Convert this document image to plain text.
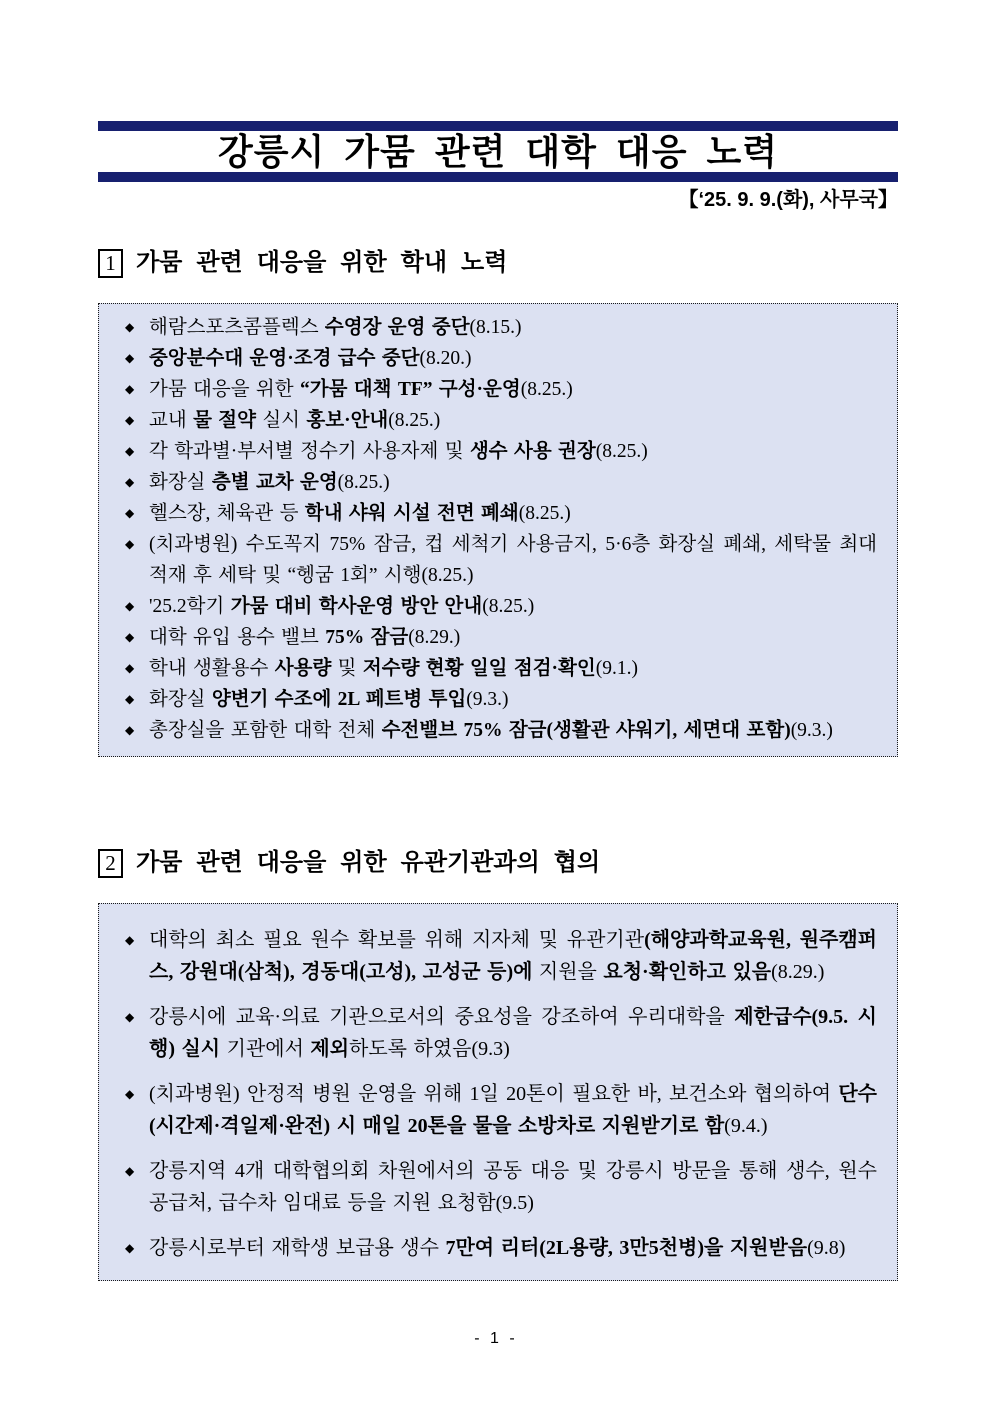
강릉시 가뭄 관련 대학 대응 노력
【‘25. 9. 9.(화), 사무국】
1 가뭄 관련 대응을 위한 학내 노력
◆ 해람스포츠콤플렉스 수영장 운영 중단(8.15.)
◆ 중앙분수대 운영·조경 급수 중단(8.20.)
◆ 가뭄 대응을 위한 “가뭄 대책 TF” 구성·운영(8.25.)
◆ 교내 물 절약 실시 홍보·안내(8.25.)
◆ 각 학과별·부서별 정수기 사용자제 및 생수 사용 권장(8.25.)
◆ 화장실 층별 교차 운영(8.25.)
◆ 헬스장, 체육관 등 학내 샤워 시설 전면 폐쇄(8.25.)
◆ (치과병원) 수도꼭지 75% 잠금, 컵 세척기 사용금지, 5·6층 화장실 폐쇄, 세탁물 최대 적재 후 세탁 및 “헹굼 1회” 시행(8.25.)
◆ '25.2학기 가뭄 대비 학사운영 방안 안내(8.25.)
◆ 대학 유입 용수 밸브 75% 잠금(8.29.)
◆ 학내 생활용수 사용량 및 저수량 현황 일일 점검·확인(9.1.)
◆ 화장실 양변기 수조에 2L 페트병 투입(9.3.)
◆ 총장실을 포함한 대학 전체 수전밸브 75% 잠금(생활관 샤워기, 세면대 포함)(9.3.)
2 가뭄 관련 대응을 위한 유관기관과의 협의
◆ 대학의 최소 필요 원수 확보를 위해 지자체 및 유관기관(해양과학교육원, 원주캠퍼스, 강원대(삼척), 경동대(고성), 고성군 등)에 지원을 요청·확인하고 있음(8.29.)
◆ 강릉시에 교육·의료 기관으로서의 중요성을 강조하여 우리대학을 제한급수(9.5. 시행) 실시 기관에서 제외하도록 하였음(9.3)
◆ (치과병원) 안정적 병원 운영을 위해 1일 20톤이 필요한 바, 보건소와 협의하여 단수(시간제·격일제·완전) 시 매일 20톤을 물을 소방차로 지원받기로 함(9.4.)
◆ 강릉지역 4개 대학협의회 차원에서의 공동 대응 및 강릉시 방문을 통해 생수, 원수 공급처, 급수차 임대료 등을 지원 요청함(9.5)
◆ 강릉시로부터 재학생 보급용 생수 7만여 리터(2L용량, 3만5천병)을 지원받음(9.8)
- 1 -
